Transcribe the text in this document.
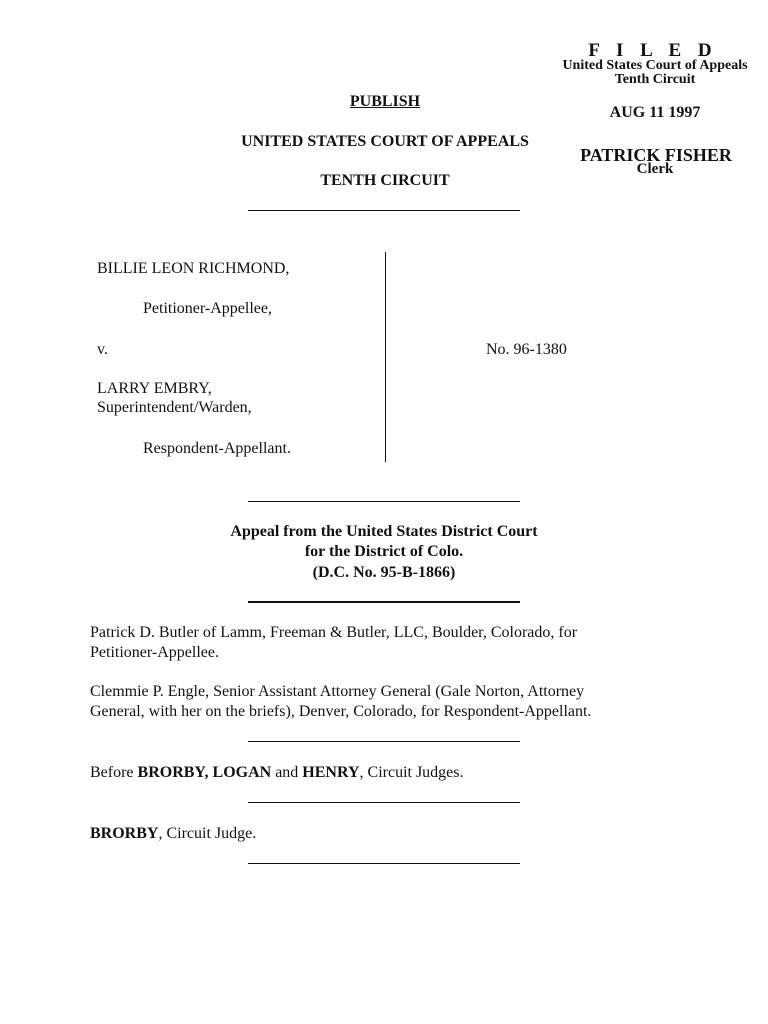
F I L E D
United States Court of Appeals
Tenth Circuit
AUG 11 1997
PATRICK FISHER
Clerk
PUBLISH
UNITED STATES COURT OF APPEALS
TENTH CIRCUIT
BILLIE LEON RICHMOND,
Petitioner-Appellee,
v.
LARRY EMBRY,
Superintendent/Warden,
Respondent-Appellant.
No. 96-1380
Appeal from the United States District Court
for the District of Colo.
(D.C. No. 95-B-1866)
Patrick D. Butler of Lamm, Freeman & Butler, LLC, Boulder, Colorado, for
Petitioner-Appellee.
Clemmie P. Engle, Senior Assistant Attorney General (Gale Norton, Attorney
General, with her on the briefs), Denver, Colorado, for Respondent-Appellant.
Before BRORBY, LOGAN and HENRY, Circuit Judges.
BRORBY, Circuit Judge.
